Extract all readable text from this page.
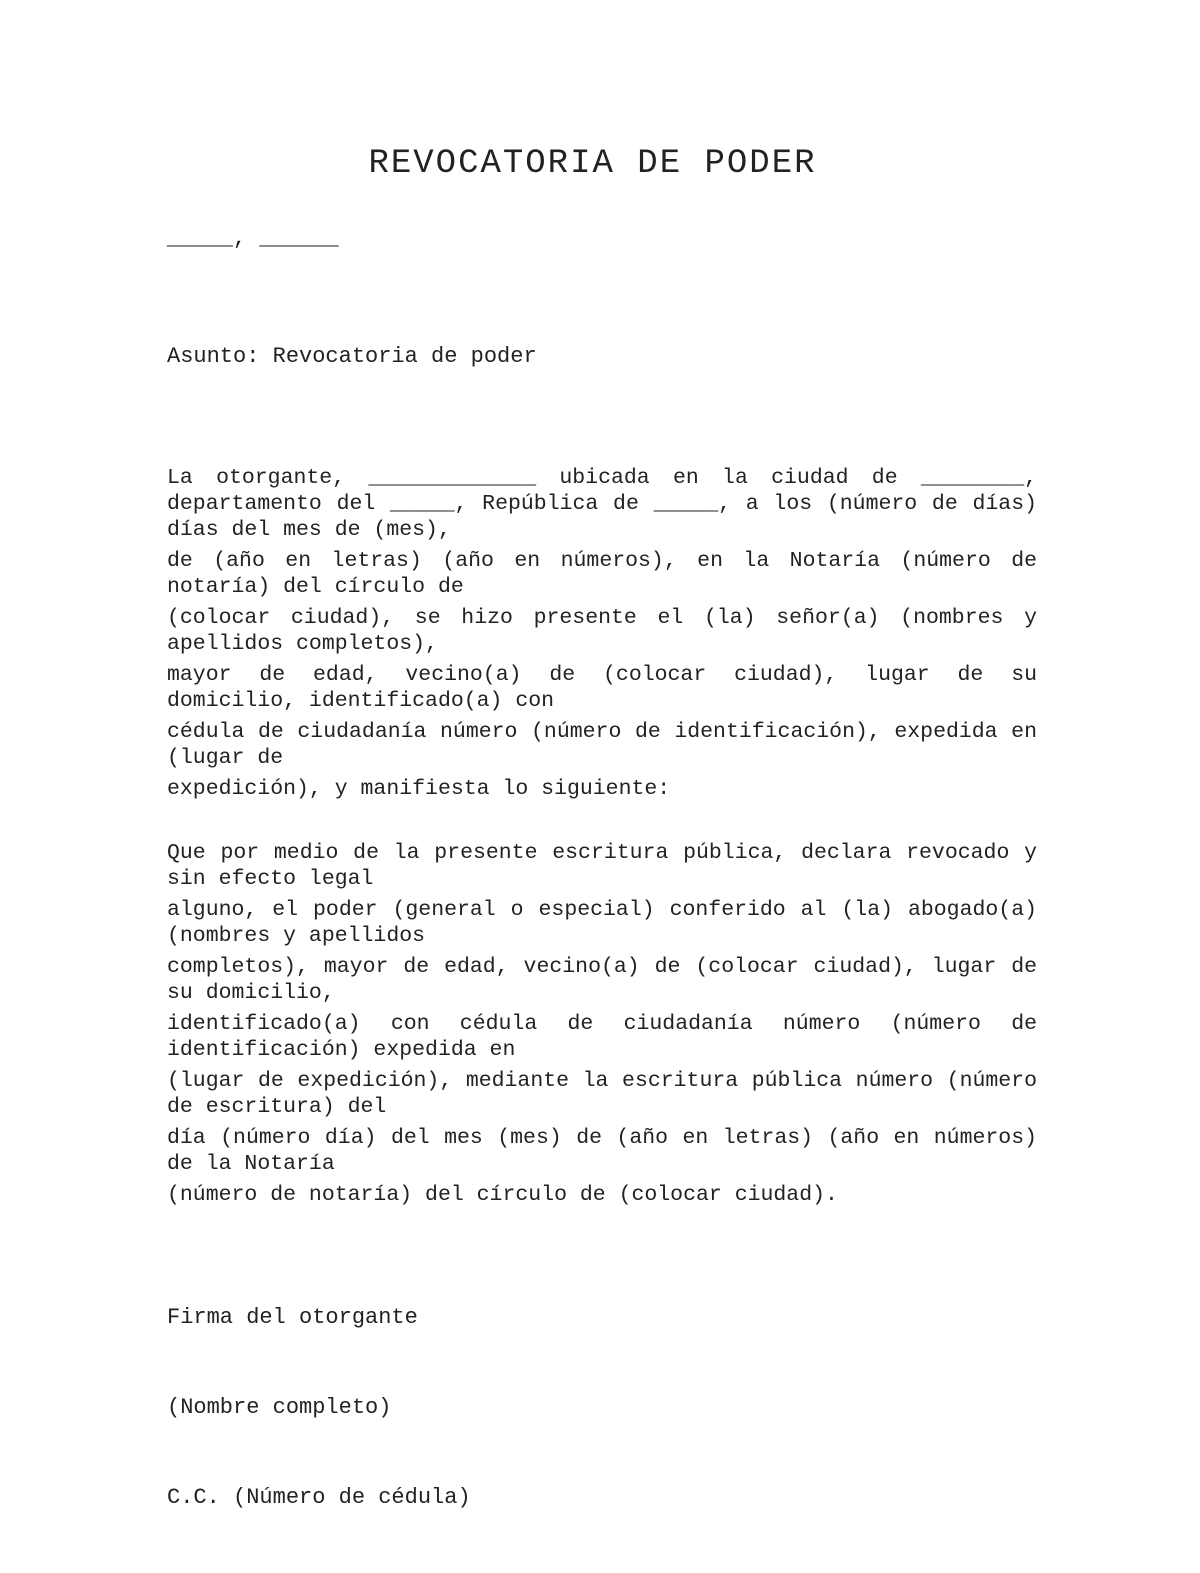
REVOCATORIA DE PODER
_____, ______
Asunto: Revocatoria de poder
La otorgante, _____________ ubicada en la ciudad de ________, departamento del _____, República de _____, a los (número de días) días del mes de (mes),
de (año en letras) (año en números), en la Notaría (número de notaría) del círculo de
(colocar ciudad), se hizo presente el (la) señor(a) (nombres y apellidos completos),
mayor de edad, vecino(a) de (colocar ciudad), lugar de su domicilio, identificado(a) con
cédula de ciudadanía número (número de identificación), expedida en (lugar de
expedición), y manifiesta lo siguiente:
Que por medio de la presente escritura pública, declara revocado y sin efecto legal
alguno, el poder (general o especial) conferido al (la) abogado(a) (nombres y apellidos
completos), mayor de edad, vecino(a) de (colocar ciudad), lugar de su domicilio,
identificado(a) con cédula de ciudadanía número (número de identificación) expedida en
(lugar de expedición), mediante la escritura pública número (número de escritura) del
día (número día) del mes (mes) de (año en letras) (año en números) de la Notaría
(número de notaría) del círculo de (colocar ciudad).

Firma del otorgante

(Nombre completo)

C.C. (Número de cédula)
